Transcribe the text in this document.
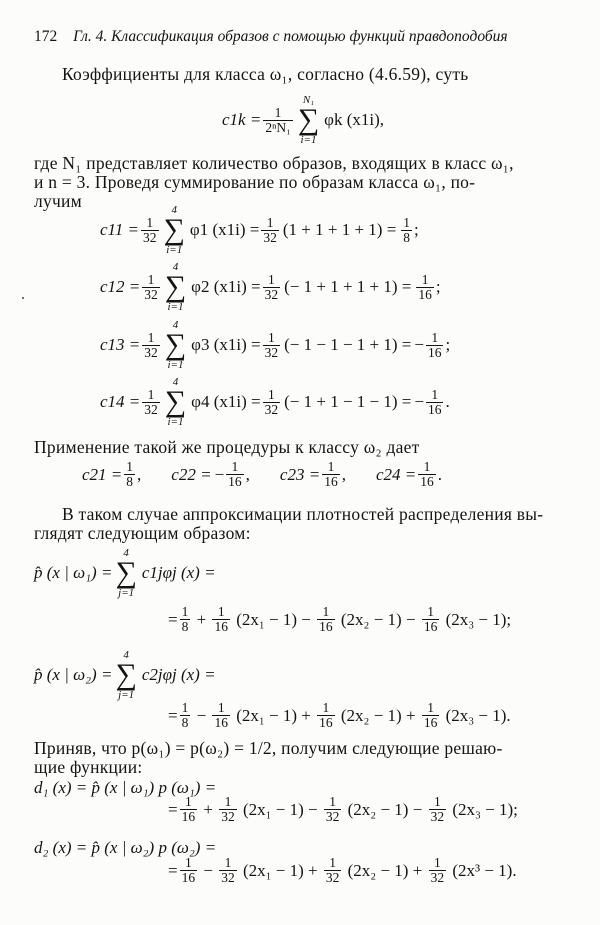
172 Гл. 4. Классификация образов с помощью функций правдоподобия
Коэффициенты для класса ω₁, согласно (4.6.59), суть
$c1k = \frac{1}{\text{2ⁿN₁}}$
N₁
∑
i=1
φk (x1i),
где N₁ представляет количество образов, входящих в класс ω₁,
и n = 3. Проведя суммирование по образам класса ω₁, по-
лучим
$c11 = \frac{1}{32}$
4
∑
i=1
φ1 $(x1i) = \frac{1}{32} (1 + 1 + 1 + 1) = \frac{1}{8}$ ;
$c12 = \frac{1}{32}$
4
∑
i=1
φ2 $(x1i) = \frac{1}{32}$ (− $1 + 1 + 1 + 1) = \frac{1}{16}$ ;
$c13 = \frac{1}{32}$
4
∑
i=1
φ3 $(x1i) = \frac{1}{32}$ (− 1 − 1 − 1 + 1) = − $\frac{1}{16}$ ;
$c14 = \frac{1}{32}$
4
∑
i=1
φ4 $(x1i) = \frac{1}{32}$ (− 1 + 1 − 1 − 1) = − $\frac{1}{16}$ .
Применение такой же процедуры к классу ω₂ дает
$c21 = \frac{1}{8}$ , c22 = − $\frac{1}{16}$ , $c23 = \frac{1}{16}$ , $c24 = \frac{1}{16}$ .
В таком случае аппроксимации плотностей распределения вы-
глядят следующим образом:
p̂ (x | ω₁) =
4
∑
j=1
c1jφj (x) =
= $\frac{1}{8} + \frac{1}{16} (2x_1 - 1) - \frac{1}{16} (2x_2 - 1) - \frac{1}{16} (2x_3 - 1)$;
p̂ (x | ω₂) =
4
∑
j=1
c2jφj (x) =
= $\frac{1}{8} - \frac{1}{16} (2x_1 - 1) + \frac{1}{16} (2x_2 - 1) + \frac{1}{16} (2x_3 - 1)$.
Приняв, что p(ω₁) = p(ω₂) = 1/2, получим следующие решаю-
щие функции:
d₁ (x) = p̂ (x | ω₁) p (ω₁) =
= $\frac{1}{16} + \frac{1}{32} (2x_1 - 1) - \frac{1}{32} (2x_2 - 1) - \frac{1}{32} (2x_3 - 1)$;
d₂ (x) = p̂ (x | ω₂) p (ω₂) =
= $\frac{1}{16} - \frac{1}{32} (2x_1 - 1) + \frac{1}{32} (2x_2 - 1) + \frac{1}{32} (2x^3 - 1)$.
